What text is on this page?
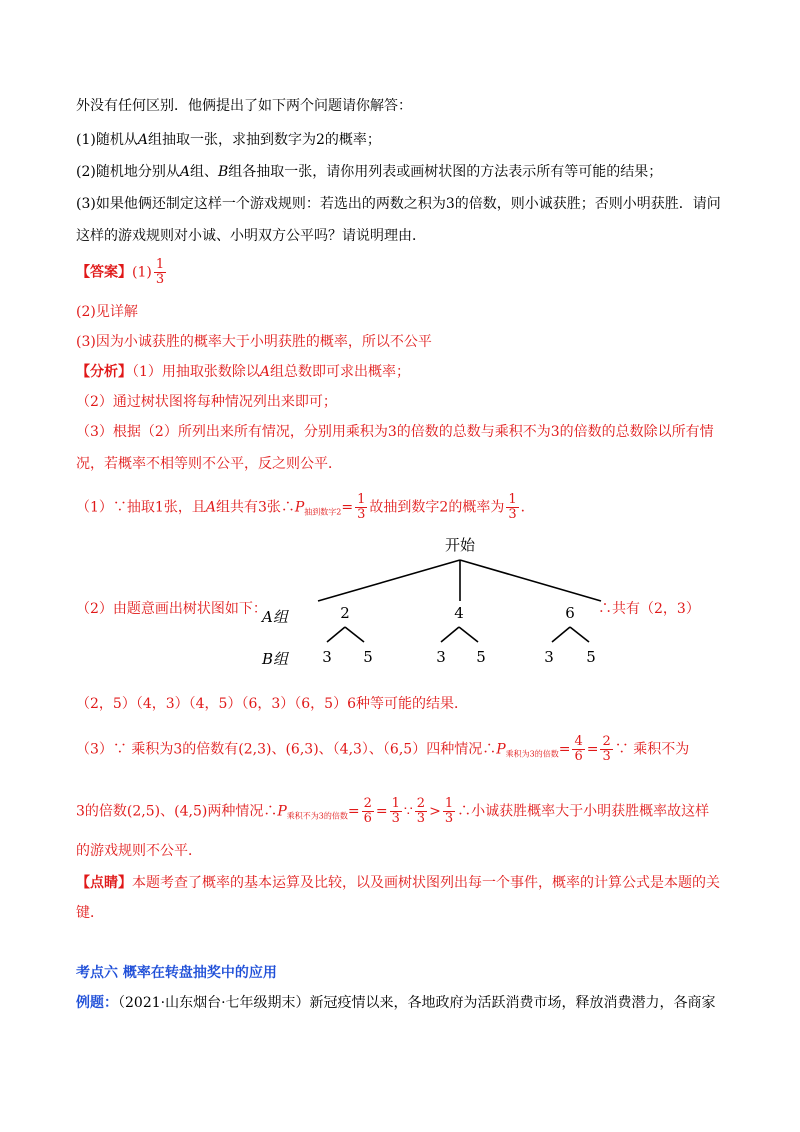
外没有任何区别．他俩提出了如下两个问题请你解答：
(1)随机从A组抽取一张，求抽到数字为2的概率；
(2)随机地分别从A组、B组各抽取一张，请你用列表或画树状图的方法表示所有等可能的结果；
(3)如果他俩还制定这样一个游戏规则：若选出的两数之积为3的倍数，则小诚获胜；否则小明获胜．请问
这样的游戏规则对小诚、小明双方公平吗？请说明理由．
【答案】$(1) \frac{1}{3}$
(2)见详解
(3)因为小诚获胜的概率大于小明获胜的概率，所以不公平
【分析】（1）用抽取张数除以A组总数即可求出概率；
（2）通过树状图将每种情况列出来即可；
（3）根据（2）所列出来所有情况，分别用乘积为3的倍数的总数与乘积不为3的倍数的总数除以所有情
况，若概率不相等则不公平，反之则公平．
（1）∵抽取1张，且A组共有3张$\therefore P_{抽到数字2}= \frac{1}{3}$ 故抽到数字2的概率为 $\frac{1}{3}$ ．
开始
2	4	6
3 5	3 5	3 5
A组
B组
（2）由题意画出树状图如下：	∴共有（2，3）
（2，5）（4，3）（4，5）（6，3）（6，5）6种等可能的结果．
（3）∵ 乘积为3的倍数有(2,3)、(6,3)、（4,3）、（6,5）四种情况$\therefore P_{乘积为3的倍数}= \frac{4}{6} = \frac{2}{3}$ ∵ 乘积不为
3的倍数(2,5)、(4,5)两种情况$\therefore P_{乘积不为3的倍数}= \frac{2}{6} = \frac{1}{3}$ ∵ $\frac{2}{3} > \frac{1}{3}$ ∴小诚获胜概率大于小明获胜概率故这样
的游戏规则不公平．
【点睛】本题考查了概率的基本运算及比较，以及画树状图列出每一个事件，概率的计算公式是本题的关
键．
考点六 概率在转盘抽奖中的应用
例题：（2021·山东烟台·七年级期末）新冠疫情以来，各地政府为活跃消费市场，释放消费潜力，各商家
